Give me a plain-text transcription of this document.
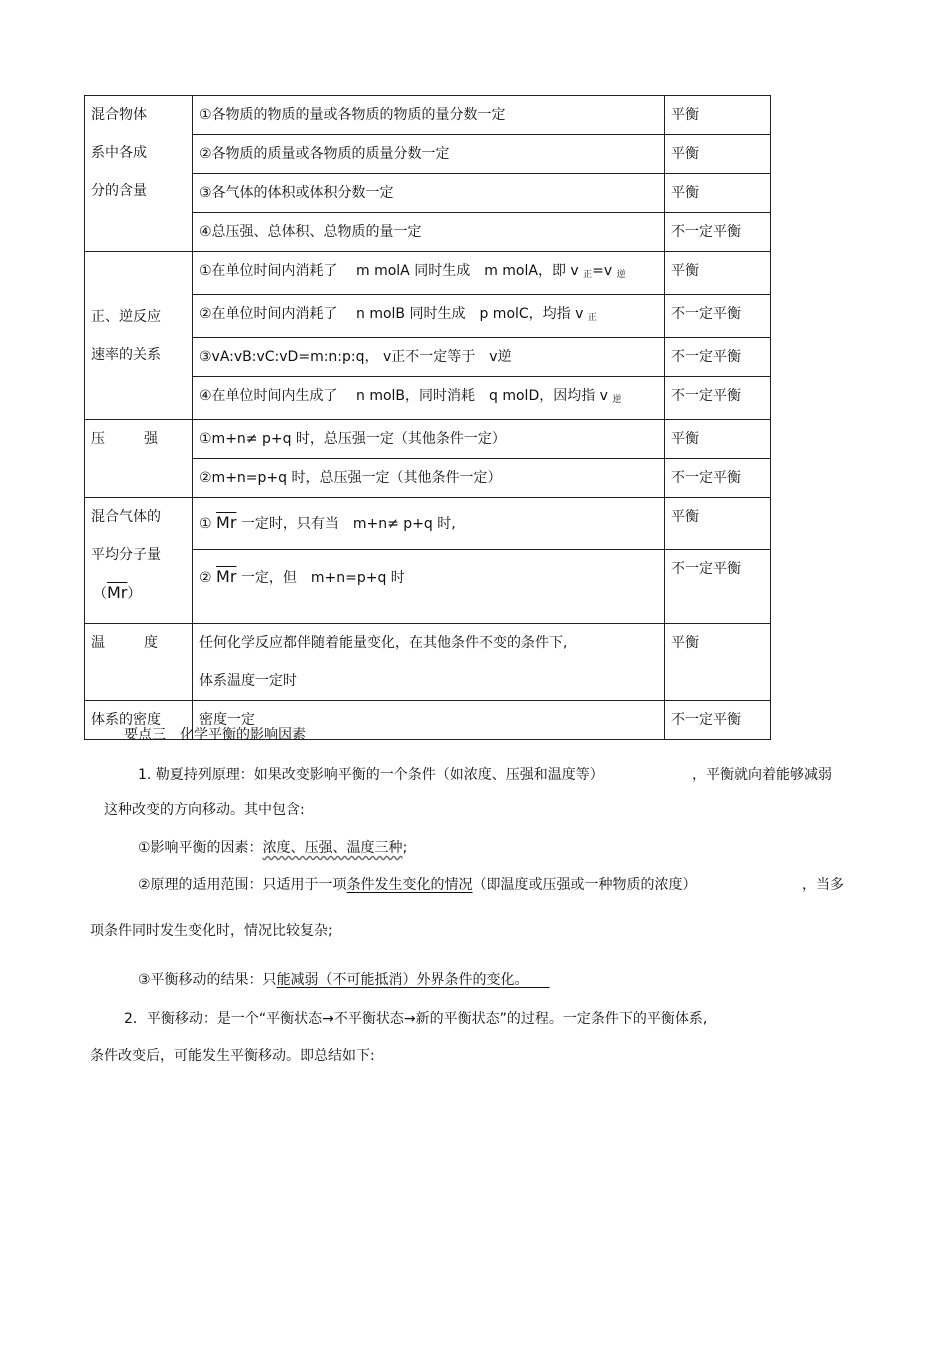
混合物体
系中各成
分的含量	①各物质的物质的量或各物质的物质的量分数一定	平衡
	②各物质的质量或各物质的质量分数一定	平衡
	③各气体的体积或体积分数一定	平衡
	④总压强、总体积、总物质的量一定	不一定平衡

正、逆反应
速率的关系	①在单位时间内消耗了　 m molA 同时生成　m molA，即 v $_正$=v $_逆$	平衡
	②在单位时间内消耗了　 n molB 同时生成　p molC，均指 v $_正$	不一定平衡
	③vA:vB:vC:vD=m:n:p:q， v正不一定等于　v逆	不一定平衡
	④在单位时间内生成了　 n molB，同时消耗　q molD，因均指 v $_逆$	不一定平衡

压 强	①m+n≠ p+q 时，总压强一定（其他条件一定）	平衡
	②m+n=p+q 时，总压强一定（其他条件一定）	不一定平衡

混合气体的
平均分子量
$(\overline{Mr})$	① $\overline{Mr}$ 一定时，只有当　m+n≠ p+q 时,	平衡
	② $\overline{Mr}$ 一定，但　m+n=p+q 时	不一定平衡

温 度	任何化学反应都伴随着能量变化，在其他条件不变的条件下,
体系温度一定时	平衡
体系的密度	密度一定	不一定平衡
要点三　化学平衡的影响因素
1. 勒夏持列原理：如果改变影响平衡的一个条件（如浓度、压强和温度等）	，平衡就向着能够减弱
这种改变的方向移动。其中包含:
①影响平衡的因素：浓度、压强、温度三种;
②原理的适用范围：只适用于一项条件发生变化的情况（即温度或压强或一种物质的浓度）	，当多
项条件同时发生变化时，情况比较复杂;
③平衡移动的结果：只能减弱（不可能抵消）外界条件的变化。　　
2．平衡移动：是一个“平衡状态→不平衡状态→新的平衡状态”的过程。一定条件下的平衡体系,
条件改变后，可能发生平衡移动。即总结如下:
